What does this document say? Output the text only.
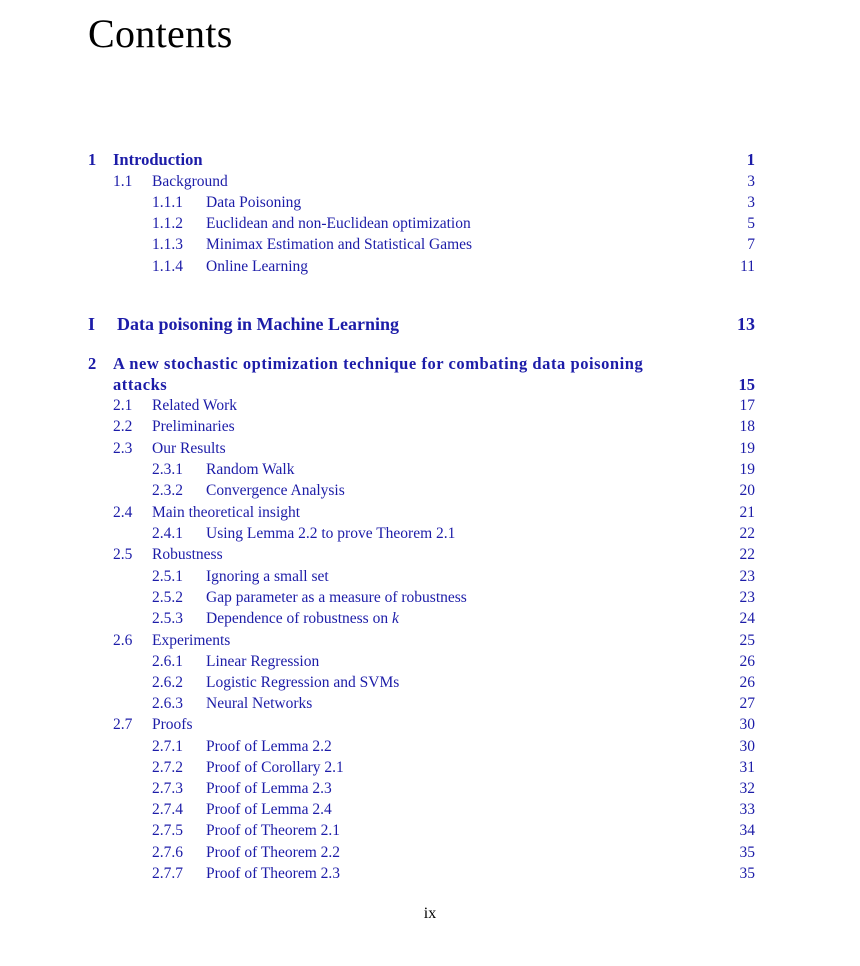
Contents
1 Introduction	1
1.1 Background	3
1.1.1 Data Poisoning	3
1.1.2 Euclidean and non-Euclidean optimization	5
1.1.3 Minimax Estimation and Statistical Games	7
1.1.4 Online Learning	11
I Data poisoning in Machine Learning	13
2 A new stochastic optimization technique for combating data poisoning
attacks	15
2.1 Related Work	17
2.2 Preliminaries	18
2.3 Our Results	19
2.3.1 Random Walk	19
2.3.2 Convergence Analysis	20
2.4 Main theoretical insight	21
2.4.1 Using Lemma 2.2 to prove Theorem 2.1	22
2.5 Robustness	22
2.5.1 Ignoring a small set	23
2.5.2 Gap parameter as a measure of robustness	23
2.5.3 Dependence of robustness on k	24
2.6 Experiments	25
2.6.1 Linear Regression	26
2.6.2 Logistic Regression and SVMs	26
2.6.3 Neural Networks	27
2.7 Proofs	30
2.7.1 Proof of Lemma 2.2	30
2.7.2 Proof of Corollary 2.1	31
2.7.3 Proof of Lemma 2.3	32
2.7.4 Proof of Lemma 2.4	33
2.7.5 Proof of Theorem 2.1	34
2.7.6 Proof of Theorem 2.2	35
2.7.7 Proof of Theorem 2.3	35
ix
